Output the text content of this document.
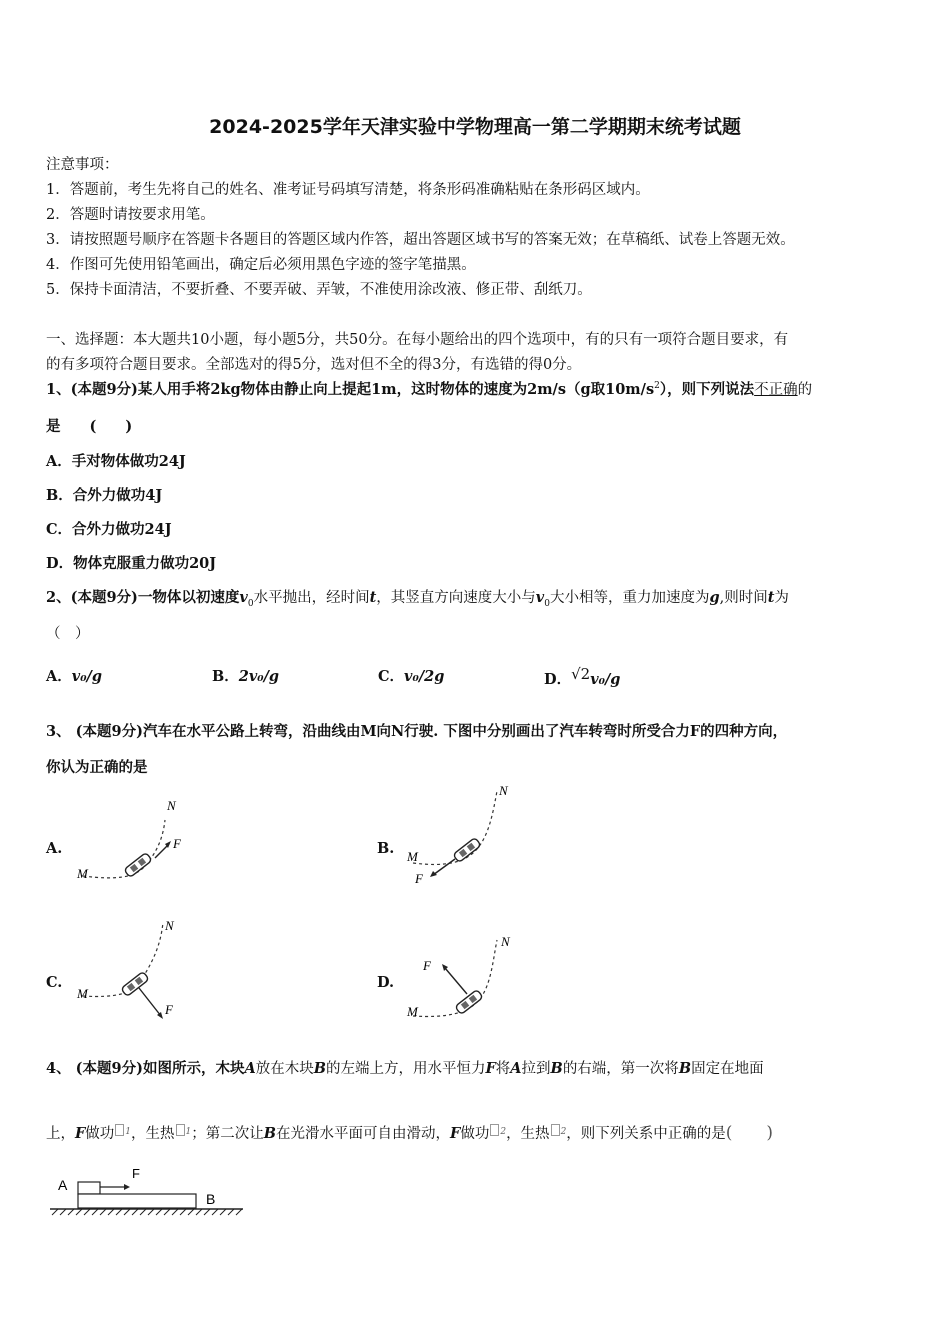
2024-2025学年天津实验中学物理高一第二学期期末统考试题
注意事项：
1．答题前，考生先将自己的姓名、准考证号码填写清楚，将条形码准确粘贴在条形码区域内。
2．答题时请按要求用笔。
3．请按照题号顺序在答题卡各题目的答题区域内作答，超出答题区域书写的答案无效；在草稿纸、试卷上答题无效。
4．作图可先使用铅笔画出，确定后必须用黑色字迹的签字笔描黑。
5．保持卡面清洁，不要折叠、不要弄破、弄皱，不准使用涂改液、修正带、刮纸刀。
一、选择题：本大题共10小题，每小题5分，共50分。在每小题给出的四个选项中，有的只有一项符合题目要求，有
的有多项符合题目要求。全部选对的得5分，选对但不全的得3分，有选错的得0分。
1、(本题9分)某人用手将2kg物体由静止向上提起1m，这时物体的速度为2m/s（g取$10m/s^2$），则下列说法不正确的
是　　(　　)
A．手对物体做功24J
B．合外力做功4J
C．合外力做功24J
D．物体克服重力做功20J
2、(本题9分)一物体以初速度$v_0$水平抛出，经时间t，其竖直方向速度大小与$v_0$大小相等，重力加速度为g,则时间t为
（　）
A．v₀/g	B．2v₀/g	C．v₀/2g	D．√2v₀/g
3、 (本题9分)汽车在水平公路上转弯，沿曲线由M向N行驶. 下图中分别画出了汽车转弯时所受合力F的四种方向，
你认为正确的是
A.	B.
C.	D.
M
N
F
M
N
F
M
N
F	M
N
F
4、 (本题9分)如图所示，木块A放在木块B的左端上方，用水平恒力F将A拉到B的右端，第一次将B固定在地面
上，F做功 $^1$，生热 $^1$；第二次让B在光滑水平面可自由滑动，F做功 $^2$，生热 $^2$，则下列关系中正确的是(　　)
A
B
F
